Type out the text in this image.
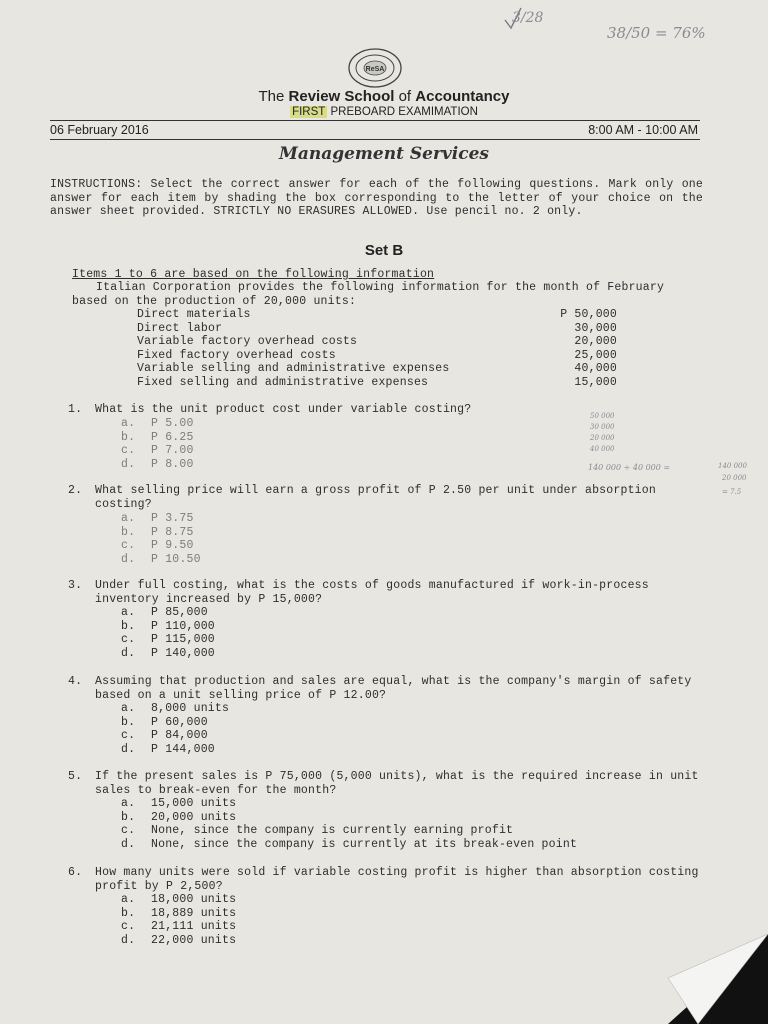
3/28
38/50 = 76%
ReSA
The Review School of Accountancy
FIRST PREBOARD EXAMIMATION
06 February 2016	8:00 AM - 10:00 AM
Management Services
INSTRUCTIONS: Select the correct answer for each of the following questions. Mark only one answer for each item by shading the box corresponding to the letter of your choice on the answer sheet provided. STRICTLY NO ERASURES ALLOWED. Use pencil no. 2 only.
Set B
Items 1 to 6 are based on the following information
Italian Corporation provides the following information for the month of February based on the production of 20,000 units:
Direct materials	P 50,000
Direct labor	30,000
Variable factory overhead costs	20,000
Fixed factory overhead costs	25,000
Variable selling and administrative expenses	40,000
Fixed selling and administrative expenses	15,000
1. What is the unit product cost under variable costing?
a. P 5.00
b. P 6.25
c. P 7.00
d. P 8.00
50 000
30 000
20 000
40 000
140 000 ÷ 40 000 =	140 000
20 000
= 7.5
2. What selling price will earn a gross profit of P 2.50 per unit under absorption costing?
a. P 3.75
b. P 8.75
c. P 9.50
d. P 10.50
3. Under full costing, what is the costs of goods manufactured if work-in-process inventory increased by P 15,000?
a. P 85,000
b. P 110,000
c. P 115,000
d. P 140,000
4. Assuming that production and sales are equal, what is the company's margin of safety based on a unit selling price of P 12.00?
a. 8,000 units
b. P 60,000
c. P 84,000
d. P 144,000
5. If the present sales is P 75,000 (5,000 units), what is the required increase in unit sales to break-even for the month?
a. 15,000 units
b. 20,000 units
c. None, since the company is currently earning profit
d. None, since the company is currently at its break-even point
6. How many units were sold if variable costing profit is higher than absorption costing profit by P 2,500?
a. 18,000 units
b. 18,889 units
c. 21,111 units
d. 22,000 units
